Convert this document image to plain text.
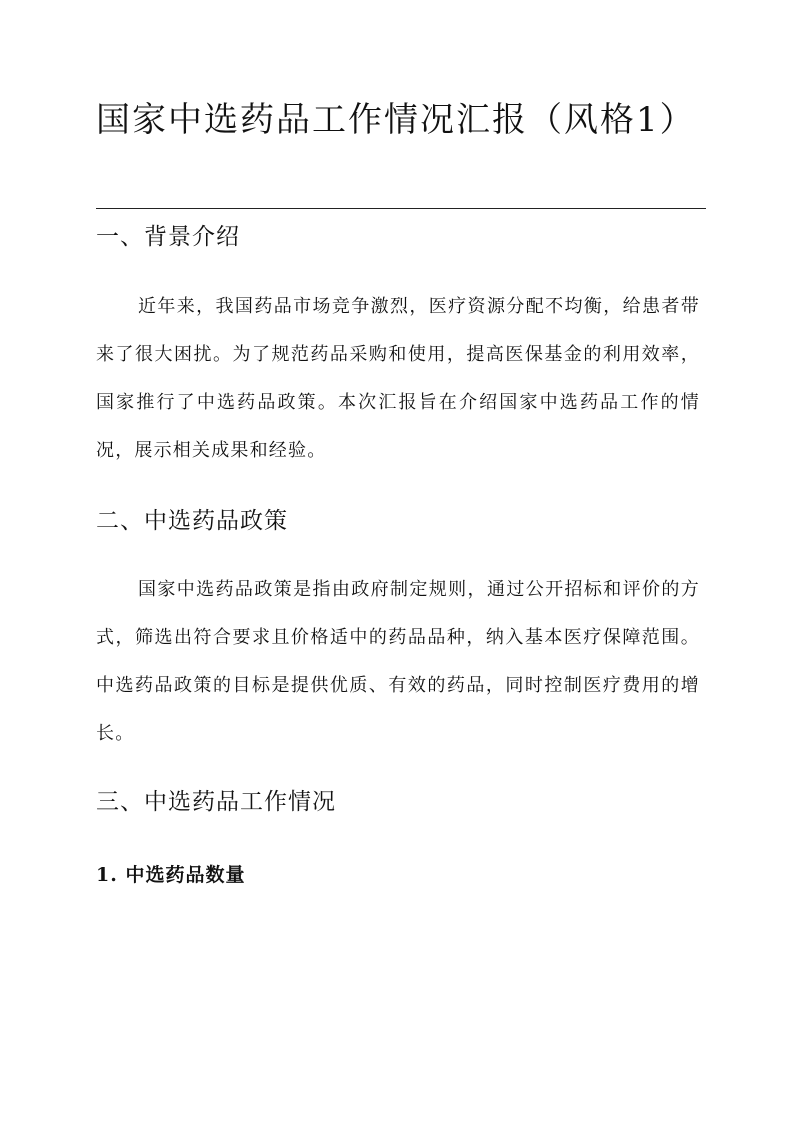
国家中选药品工作情况汇报（风格1）
一、背景介绍

近年来，我国药品市场竞争激烈，医疗资源分配不均衡，给患者带来了很大困扰。为了规范药品采购和使用，提高医保基金的利用效率，国家推行了中选药品政策。本次汇报旨在介绍国家中选药品工作的情况，展示相关成果和经验。

二、中选药品政策

国家中选药品政策是指由政府制定规则，通过公开招标和评价的方式，筛选出符合要求且价格适中的药品品种，纳入基本医疗保障范围。中选药品政策的目标是提供优质、有效的药品，同时控制医疗费用的增长。

三、中选药品工作情况
1. 中选药品数量
